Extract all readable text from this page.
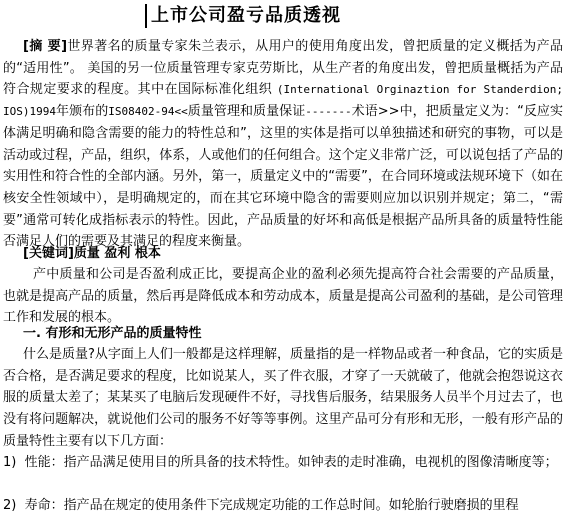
上市公司盈亏品质透视

[摘 要]世界著名的质量专家朱兰表示，从用户的使用角度出发，曾把质量的定义概括为产品的“适用性”。 美国的另一位质量管理专家克劳斯比，从生产者的角度出发，曾把质量概括为产品符合规定要求的程度。其中在国际标准化组织 (International Orginaztion for Standerdion; IOS)1994年颁布的IS08402-94<<质量管理和质量保证-------术语>>中，把质量定义为：“反应实体满足明确和隐含需要的能力的特性总和”，这里的实体是指可以单独描述和研究的事物，可以是活动或过程，产品，组织，体系，人或他们的任何组合。这个定义非常广泛，可以说包括了产品的实用性和符合性的全部内涵。另外，第一，质量定义中的“需要”，在合同环境或法规环境下（如在核安全性领域中），是明确规定的，而在其它环境中隐含的需要则应加以识别并规定；第二，“需要”通常可转化成指标表示的特性。因此，产品质量的好坏和高低是根据产品所具备的质量特性能否满足人们的需要及其满足的程度来衡量。

[关键词]质量 盈利 根本

产中质量和公司是否盈利成正比，要提高企业的盈利必须先提高符合社会需要的产品质量，也就是提高产品的质量，然后再是降低成本和劳动成本，质量是提高公司盈利的基础，是公司管理工作和发展的根本。

一. 有形和无形产品的质量特性

什么是质量?从字面上人们一般都是这样理解，质量指的是一样物品或者一种食品，它的实质是否合格，是否满足要求的程度，比如说某人，买了件衣服，才穿了一天就破了，他就会抱怨说这衣服的质量太差了；某某买了电脑后发现硬件不好，寻找售后服务，结果服务人员半个月过去了，也没有将问题解决，就说他们公司的服务不好等等事例。这里产品可分有形和无形，一般有形产品的质量特性主要有以下几方面：

1) 性能：指产品满足使用目的所具备的技术特性。如钟表的走时准确，电视机的图像清晰度等；

2) 寿命：指产品在规定的使用条件下完成规定功能的工作总时间。如轮胎行驶磨损的里程
